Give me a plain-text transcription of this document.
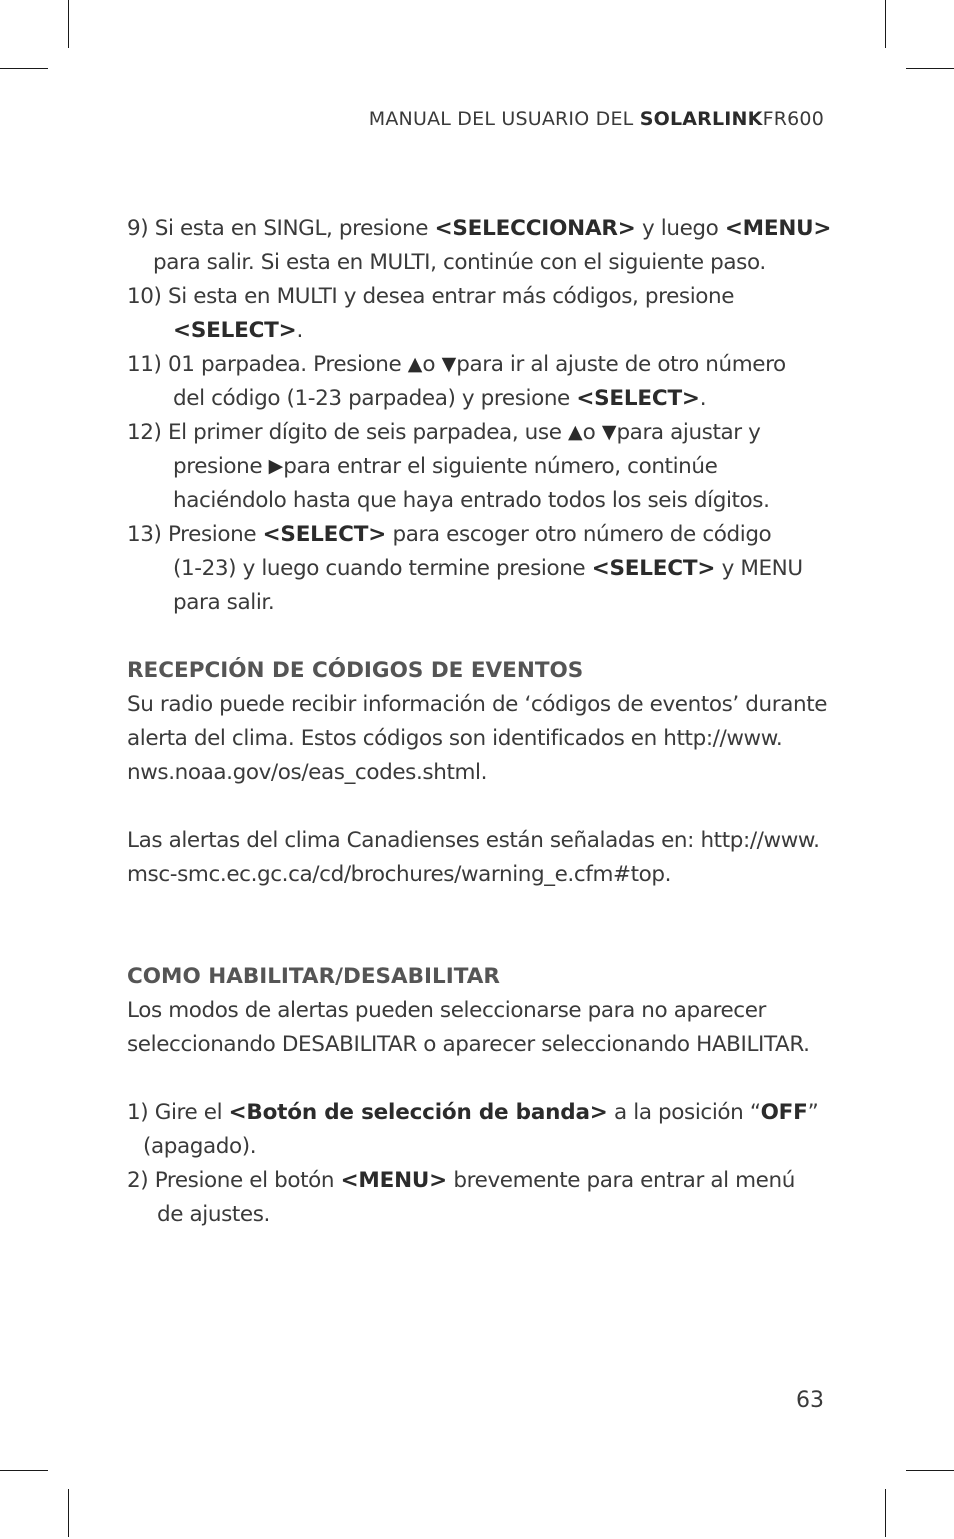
MANUAL DEL USUARIO DEL SOLARLINKFR600
9) Si esta en SINGL, presione <SELECCIONAR> y luego <MENU>
para salir. Si esta en MULTI, continúe con el siguiente paso.
10) Si esta en MULTI y desea entrar más códigos, presione
<SELECT>.
11) 01 parpadea. Presione ▲o ▼para ir al ajuste de otro número
del código (1-23 parpadea) y presione <SELECT>.
12) El primer dígito de seis parpadea, use ▲o ▼para ajustar y
presione ▶para entrar el siguiente número, continúe
haciéndolo hasta que haya entrado todos los seis dígitos.
13) Presione <SELECT> para escoger otro número de código
(1-23) y luego cuando termine presione <SELECT> y MENU
para salir.
RECEPCIÓN DE CÓDIGOS DE EVENTOS

Su radio puede recibir información de ‘códigos de eventos’ durante
alerta del clima. Estos códigos son identificados en http://www.
nws.noaa.gov/os/eas_codes.shtml.

Las alertas del clima Canadienses están señaladas en: http://www.
msc-smc.ec.gc.ca/cd/brochures/warning_e.cfm#top.

COMO HABILITAR/DESABILITAR

Los modos de alertas pueden seleccionarse para no aparecer
seleccionando DESABILITAR o aparecer seleccionando HABILITAR.

1) Gire el <Botón de selección de banda> a la posición “OFF”
(apagado).
2) Presione el botón <MENU> brevemente para entrar al menú
de ajustes.
63
